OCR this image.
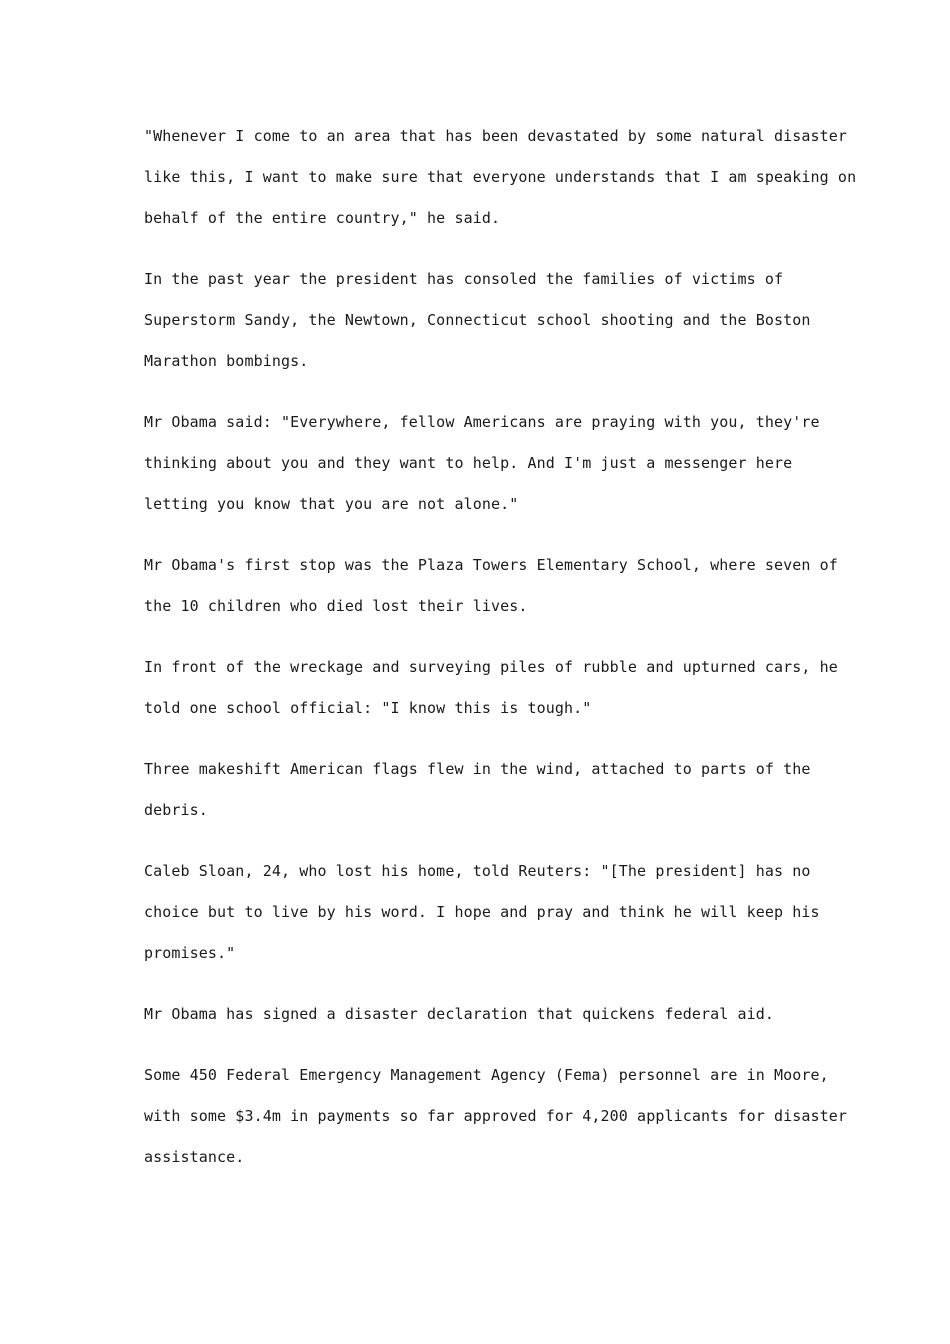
"Whenever I come to an area that has been devastated by some natural disaster
like this, I want to make sure that everyone understands that I am speaking on
behalf of the entire country," he said.

In the past year the president has consoled the families of victims of
Superstorm Sandy, the Newtown, Connecticut school shooting and the Boston
Marathon bombings.

Mr Obama said: "Everywhere, fellow Americans are praying with you, they're
thinking about you and they want to help. And I'm just a messenger here
letting you know that you are not alone."

Mr Obama's first stop was the Plaza Towers Elementary School, where seven of
the 10 children who died lost their lives.

In front of the wreckage and surveying piles of rubble and upturned cars, he
told one school official: "I know this is tough."

Three makeshift American flags flew in the wind, attached to parts of the
debris.

Caleb Sloan, 24, who lost his home, told Reuters: "[The president] has no
choice but to live by his word. I hope and pray and think he will keep his
promises."

Mr Obama has signed a disaster declaration that quickens federal aid.

Some 450 Federal Emergency Management Agency (Fema) personnel are in Moore,
with some $3.4m in payments so far approved for 4,200 applicants for disaster
assistance.
